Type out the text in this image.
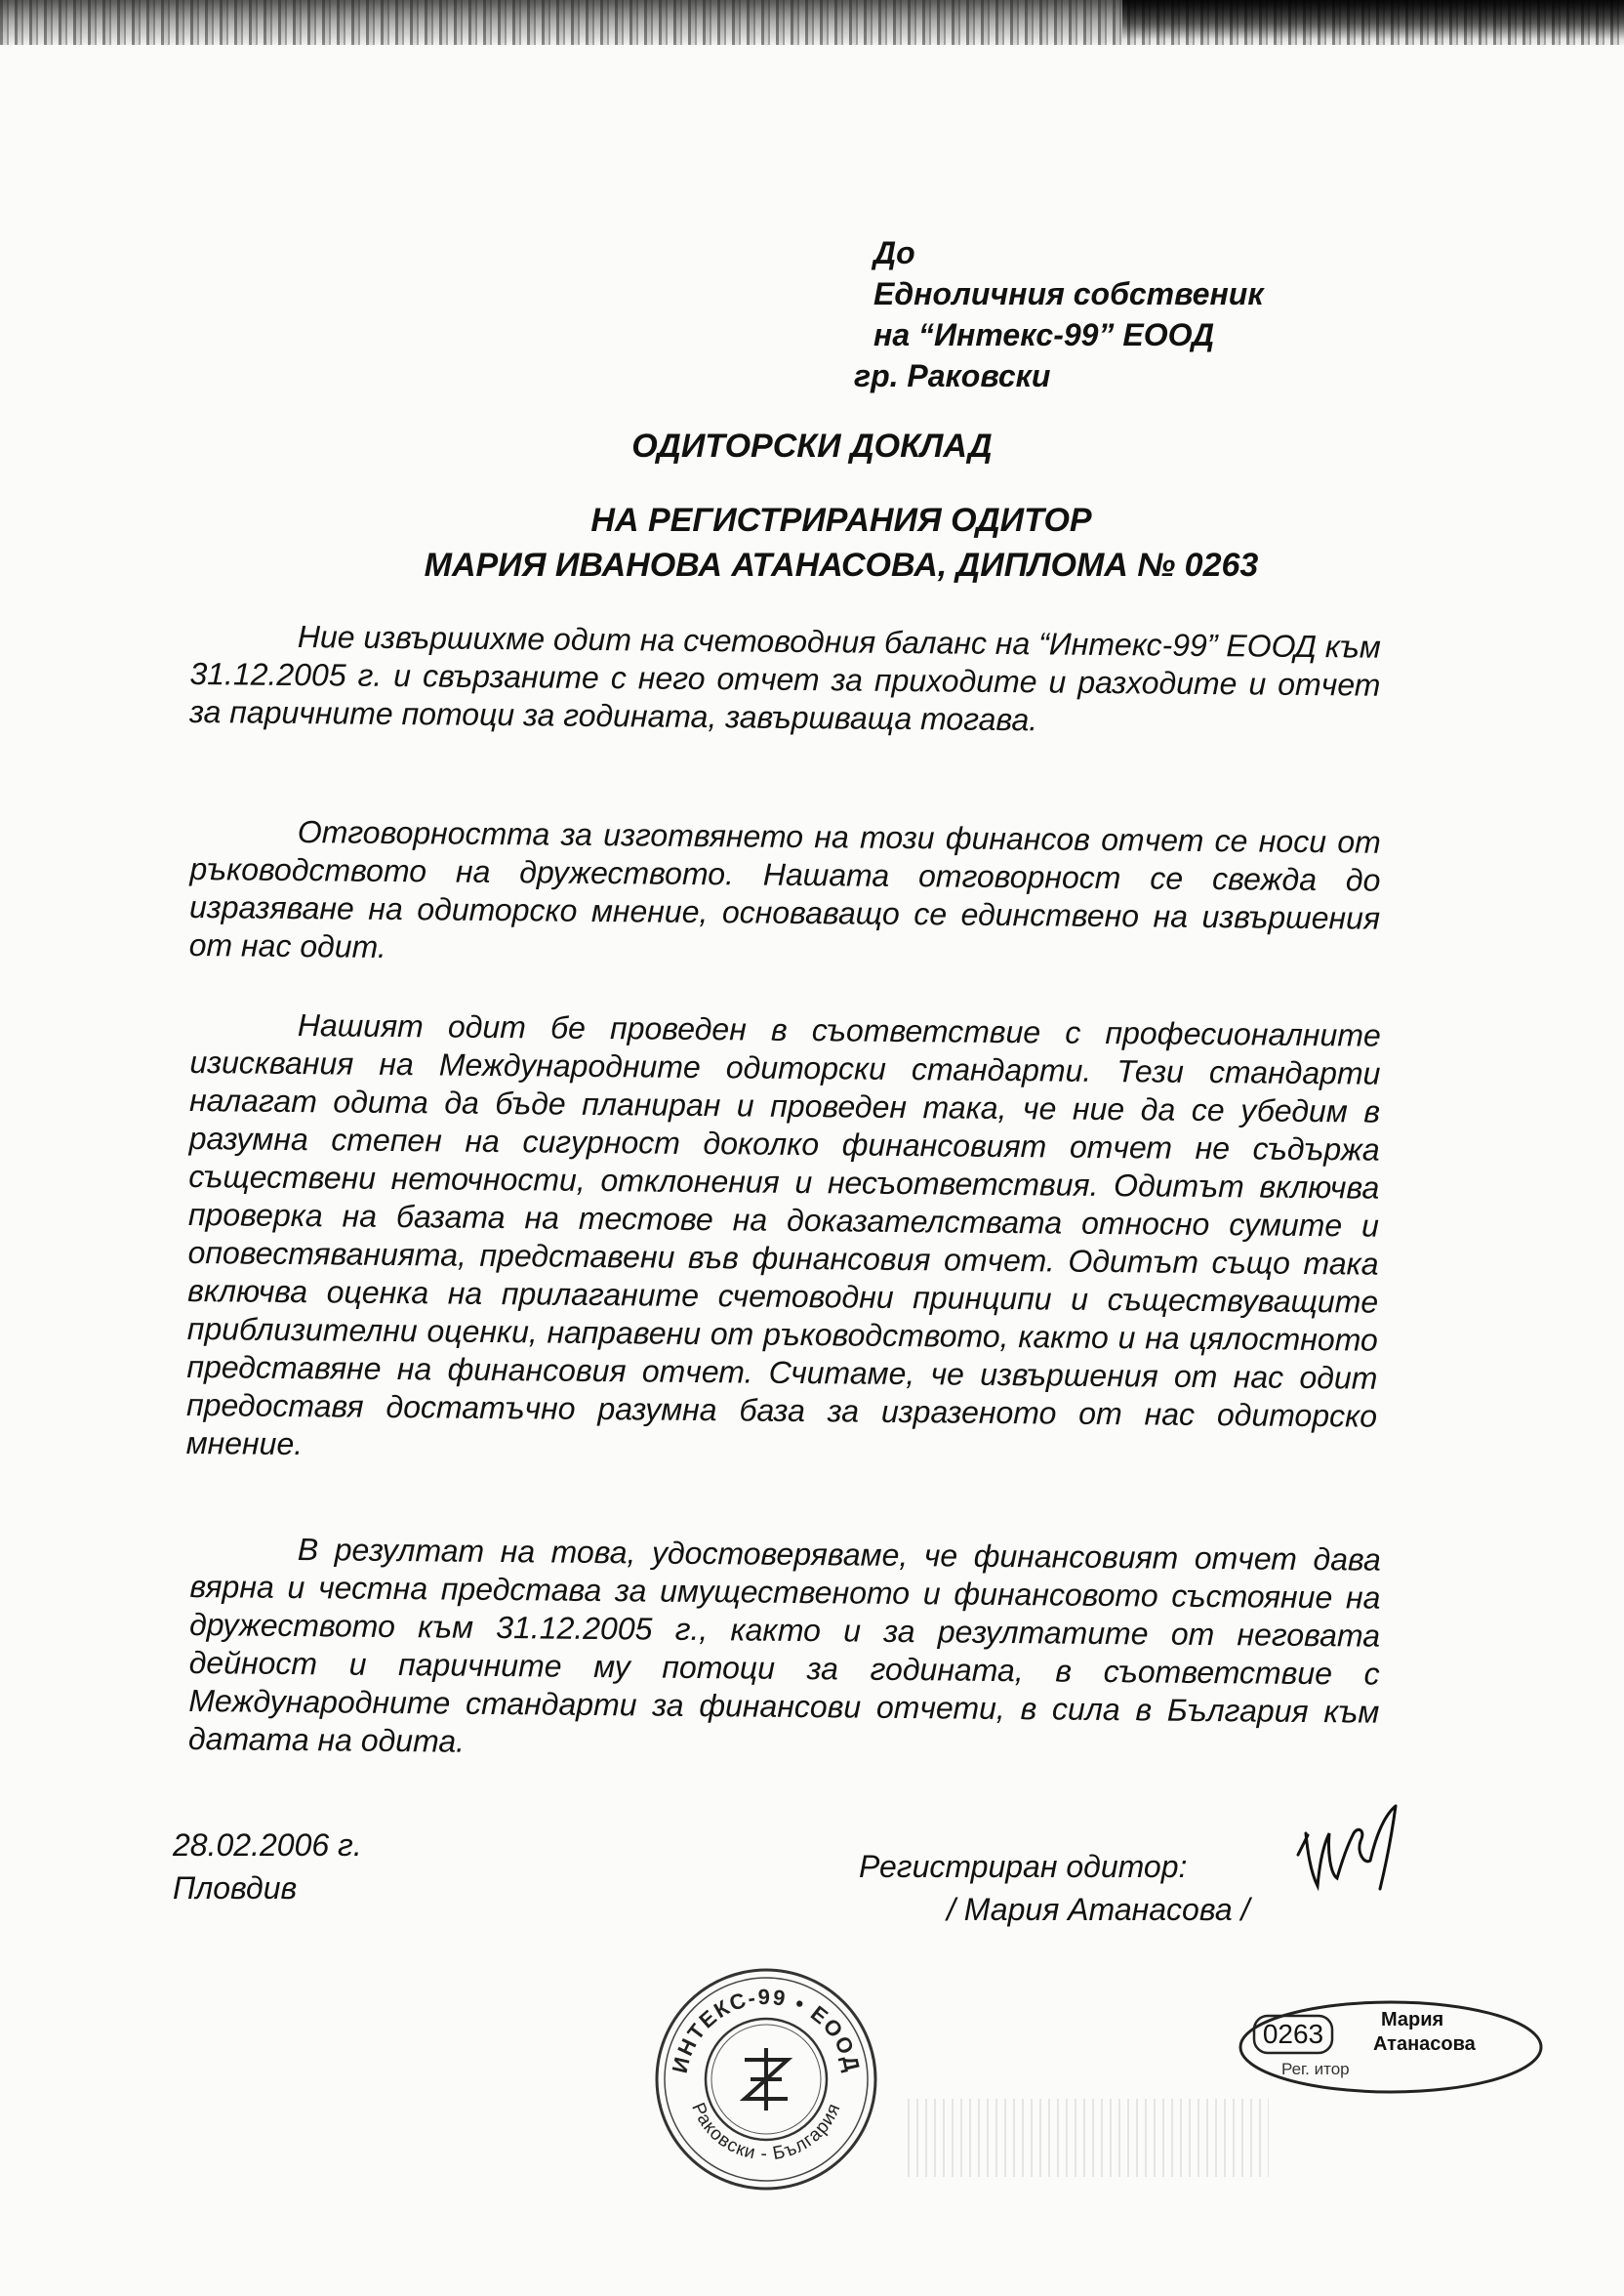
До
Едноличния собственик
на “Интекс-99” ЕООД
гр. Раковски
ОДИТОРСКИ ДОКЛАД
НА РЕГИСТРИРАНИЯ ОДИТОР
МАРИЯ ИВАНОВА АТАНАСОВА, ДИПЛОМА № 0263
Ние извършихме одит на счетоводния баланс на “Интекс-99” ЕООД към 31.12.2005 г. и свързаните с него отчет за приходите и разходите и отчет за паричните потоци за годината, завършваща тогава.
Отговорността за изготвянето на този финансов отчет се носи от ръководството на дружеството. Нашата отговорност се свежда до изразяване на одиторско мнение, основаващо се единствено на извършения от нас одит.
Нашият одит бе проведен в съответствие с професионалните изисквания на Международните одиторски стандарти. Тези стандарти налагат одита да бъде планиран и проведен така, че ние да се убедим в разумна степен на сигурност доколко финансовият отчет не съдържа съществени неточности, отклонения и несъответствия. Одитът включва проверка на базата на тестове на доказателствата относно сумите и оповестяванията, представени във финансовия отчет. Одитът също така включва оценка на прилаганите счетоводни принципи и съществуващите приблизителни оценки, направени от ръководството, както и на цялостното представяне на финансовия отчет. Считаме, че извършения от нас одит предоставя достатъчно разумна база за изразеното от нас одиторско мнение.
В резултат на това, удостоверяваме, че финансовият отчет дава вярна и честна представа за имущественото и финансовото състояние на дружеството към 31.12.2005 г., както и за резултатите от неговата дейност и паричните му потоци за годината, в съответствие с Международните стандарти за финансови отчети, в сила в България към датата на одита.
28.02.2006 г.
Пловдив
Регистриран одитор:
/ Мария Атанасова /
ИНТЕКС-99 • ЕООД
Раковски - България
0263	Мария
Атанасова
Рег. итор
